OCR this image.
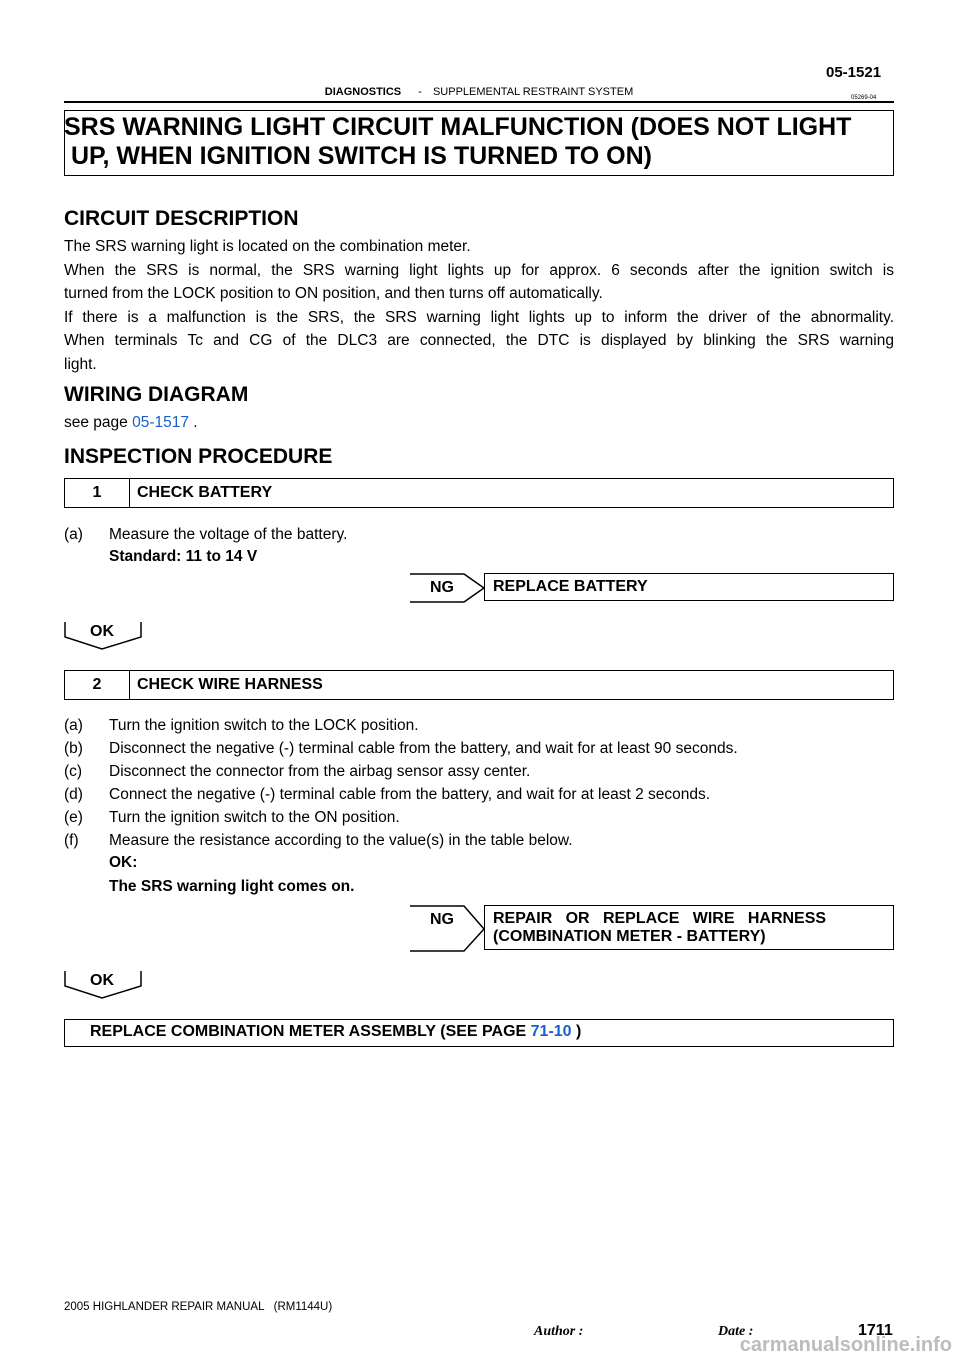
05-1521
DIAGNOSTICS - SUPPLEMENTAL RESTRAINT SYSTEM	05269-04
SRS WARNING LIGHT CIRCUIT MALFUNCTION (DOES NOT LIGHT
UP, WHEN IGNITION SWITCH IS TURNED TO ON)
CIRCUIT DESCRIPTION
The SRS warning light is located on the combination meter.
When the SRS is normal, the SRS warning light lights up for approx. 6 seconds after the ignition switch is
turned from the LOCK position to ON position, and then turns off automatically.
If there is a malfunction is the SRS, the SRS warning light lights up to inform the driver of the abnormality.
When terminals Tc and CG of the DLC3 are connected, the DTC is displayed by blinking the SRS warning
light.
WIRING DIAGRAM
see page 05-1517 .
INSPECTION PROCEDURE
1	CHECK BATTERY
(a) Measure the voltage of the battery.
Standard: 11 to 14 V
NG REPLACE BATTERY
OK
2	CHECK WIRE HARNESS
(a) Turn the ignition switch to the LOCK position.
(b) Disconnect the negative (-) terminal cable from the battery, and wait for at least 90 seconds.
(c) Disconnect the connector from the airbag sensor assy center.
(d) Connect the negative (-) terminal cable from the battery, and wait for at least 2 seconds.
(e) Turn the ignition switch to the ON position.
(f) Measure the resistance according to the value(s) in the table below.
OK:
The SRS warning light comes on.
NG REPAIR   OR   REPLACE   WIRE   HARNESS
(COMBINATION METER - BATTERY)
OK
REPLACE COMBINATION METER ASSEMBLY (SEE PAGE 71-10 )
2005 HIGHLANDER REPAIR MANUAL   (RM1144U)
Author :	Date :	1711
carmanualsonline.info
